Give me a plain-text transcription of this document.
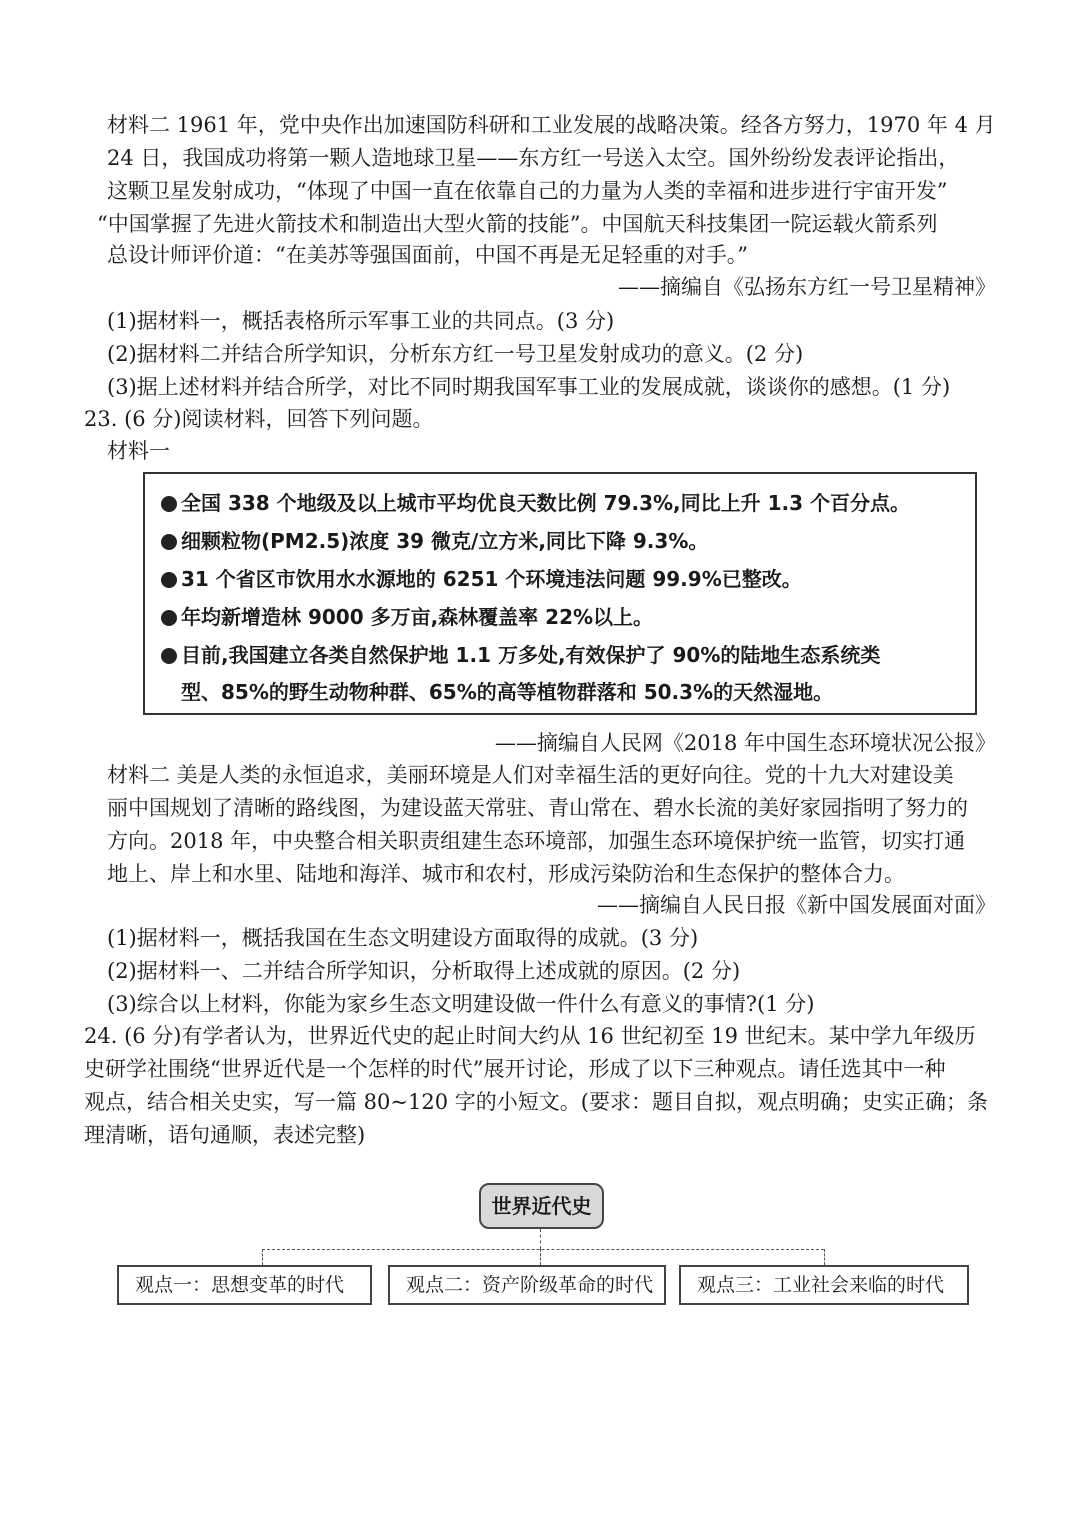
材料二 1961 年，党中央作出加速国防科研和工业发展的战略决策。经各方努力，1970 年 4 月
24 日，我国成功将第一颗人造地球卫星——东方红一号送入太空。国外纷纷发表评论指出，
这颗卫星发射成功，“体现了中国一直在依靠自己的力量为人类的幸福和进步进行宇宙开发”
“中国掌握了先进火箭技术和制造出大型火箭的技能”。中国航天科技集团一院运载火箭系列
总设计师评价道：“在美苏等强国面前，中国不再是无足轻重的对手。”
——摘编自《弘扬东方红一号卫星精神》
(1)据材料一，概括表格所示军事工业的共同点。(3 分)
(2)据材料二并结合所学知识，分析东方红一号卫星发射成功的意义。(2 分)
(3)据上述材料并结合所学，对比不同时期我国军事工业的发展成就，谈谈你的感想。(1 分)
23. (6 分)阅读材料，回答下列问题。
材料一
全国 338 个地级及以上城市平均优良天数比例 79.3%,同比上升 1.3 个百分点。
细颗粒物(PM2.5)浓度 39 微克/立方米,同比下降 9.3%。
31 个省区市饮用水水源地的 6251 个环境违法问题 99.9%已整改。
年均新增造林 9000 多万亩,森林覆盖率 22%以上。
目前,我国建立各类自然保护地 1.1 万多处,有效保护了 90%的陆地生态系统类
型、85%的野生动物种群、65%的高等植物群落和 50.3%的天然湿地。
——摘编自人民网《2018 年中国生态环境状况公报》
材料二 美是人类的永恒追求，美丽环境是人们对幸福生活的更好向往。党的十九大对建设美
丽中国规划了清晰的路线图，为建设蓝天常驻、青山常在、碧水长流的美好家园指明了努力的
方向。2018 年，中央整合相关职责组建生态环境部，加强生态环境保护统一监管，切实打通
地上、岸上和水里、陆地和海洋、城市和农村，形成污染防治和生态保护的整体合力。
——摘编自人民日报《新中国发展面对面》
(1)据材料一，概括我国在生态文明建设方面取得的成就。(3 分)
(2)据材料一、二并结合所学知识，分析取得上述成就的原因。(2 分)
(3)综合以上材料，你能为家乡生态文明建设做一件什么有意义的事情?(1 分)
24. (6 分)有学者认为，世界近代史的起止时间大约从 16 世纪初至 19 世纪末。某中学九年级历
史研学社围绕“世界近代是一个怎样的时代”展开讨论，形成了以下三种观点。请任选其中一种
观点，结合相关史实，写一篇 80~120 字的小短文。(要求：题目自拟，观点明确；史实正确；条
理清晰，语句通顺，表述完整)
世界近代史
观点一：思想变革的时代	观点二：资产阶级革命的时代	观点三：工业社会来临的时代
